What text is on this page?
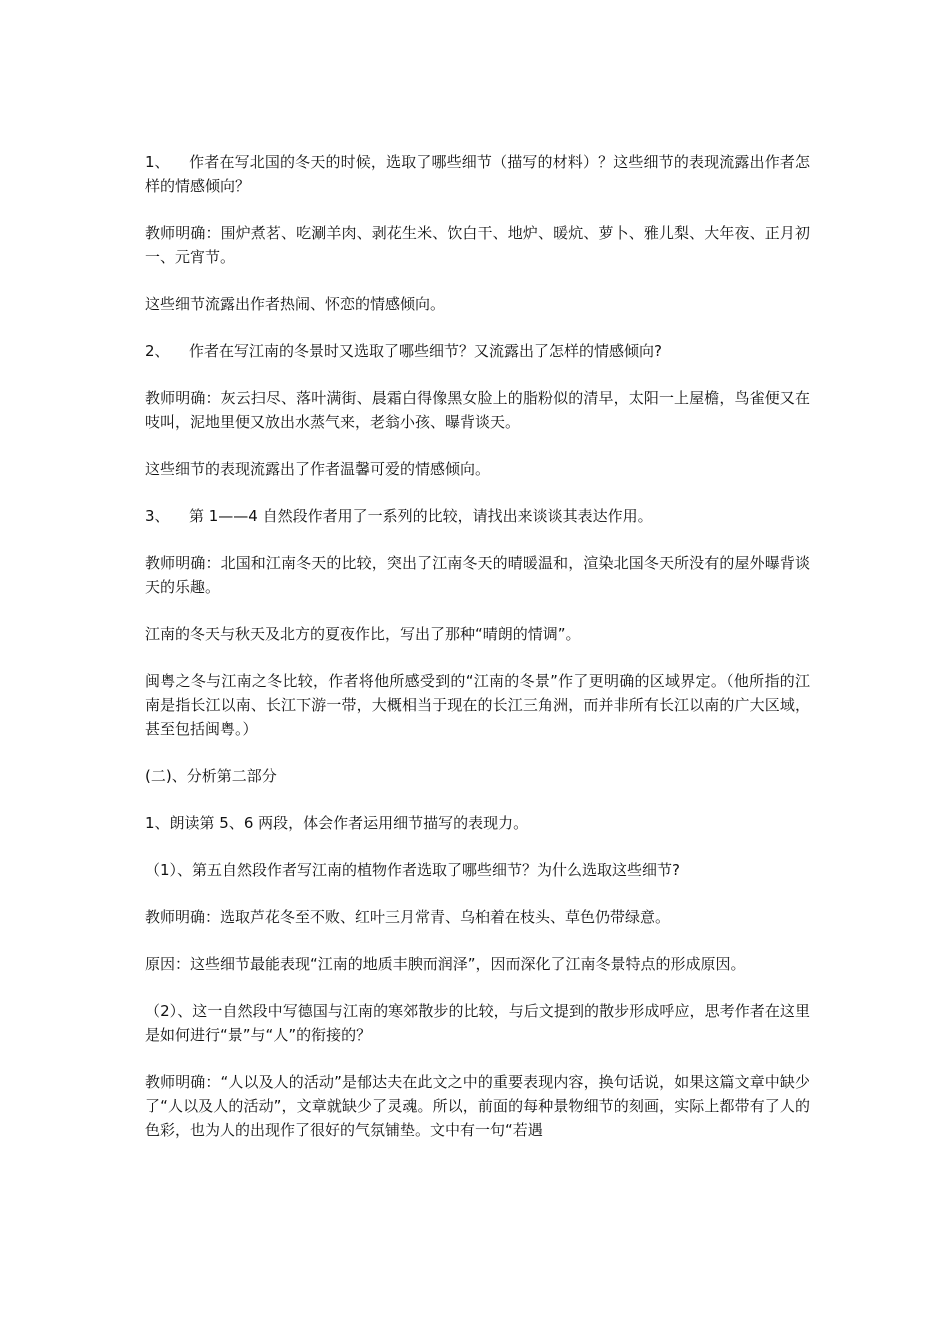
1、 作者在写北国的冬天的时候，选取了哪些细节（描写的材料）？这些细节的表现流露出作者怎样的情感倾向？

教师明确：围炉煮茗、吃涮羊肉、剥花生米、饮白干、地炉、暖炕、萝卜、雅儿梨、大年夜、正月初一、元宵节。

这些细节流露出作者热闹、怀恋的情感倾向。

2、 作者在写江南的冬景时又选取了哪些细节？又流露出了怎样的情感倾向?

教师明确：灰云扫尽、落叶满街、晨霜白得像黑女脸上的脂粉似的清早，太阳一上屋檐，鸟雀便又在吱叫，泥地里便又放出水蒸气来，老翁小孩、曝背谈天。

这些细节的表现流露出了作者温馨可爱的情感倾向。

3、 第 1——4 自然段作者用了一系列的比较，请找出来谈谈其表达作用。

教师明确：北国和江南冬天的比较，突出了江南冬天的晴暖温和，渲染北国冬天所没有的屋外曝背谈天的乐趣。

江南的冬天与秋天及北方的夏夜作比，写出了那种“晴朗的情调”。

闽粤之冬与江南之冬比较，作者将他所感受到的“江南的冬景”作了更明确的区域界定。（他所指的江南是指长江以南、长江下游一带，大概相当于现在的长江三角洲，而并非所有长江以南的广大区域，甚至包括闽粤。）

(二)、分析第二部分

1、朗读第 5、6 两段，体会作者运用细节描写的表现力。

（1）、第五自然段作者写江南的植物作者选取了哪些细节？为什么选取这些细节?

教师明确：选取芦花冬至不败、红叶三月常青、乌桕着在枝头、草色仍带绿意。

原因：这些细节最能表现“江南的地质丰腴而润泽”，因而深化了江南冬景特点的形成原因。

（2）、这一自然段中写德国与江南的寒郊散步的比较，与后文提到的散步形成呼应，思考作者在这里是如何进行“景”与“人”的衔接的？

教师明确：“人以及人的活动”是郁达夫在此文之中的重要表现内容，换句话说，如果这篇文章中缺少了“人以及人的活动”，文章就缺少了灵魂。所以，前面的每种景物细节的刻画，实际上都带有了人的色彩，也为人的出现作了很好的气氛铺垫。文中有一句“若遇
